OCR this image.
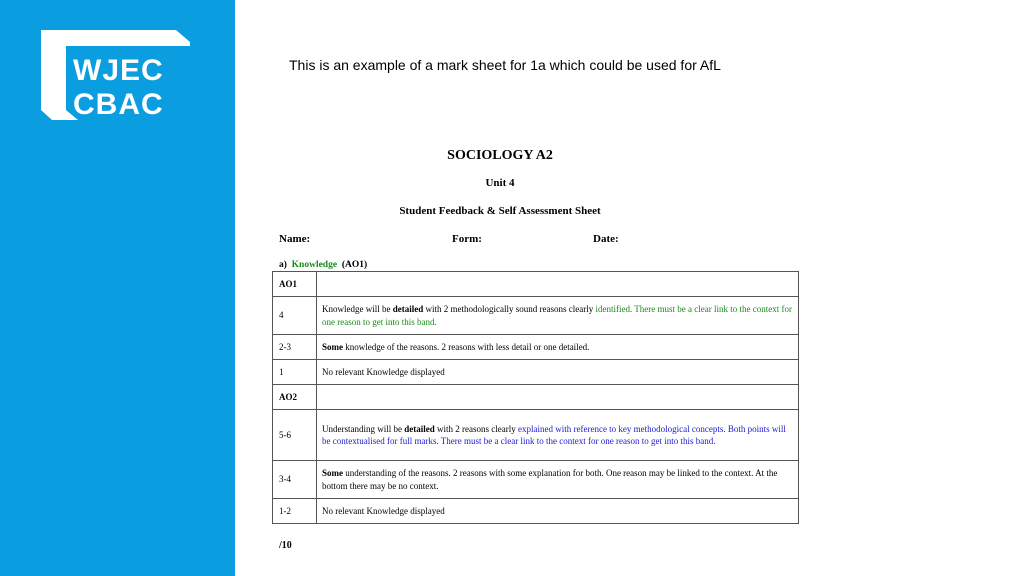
WJEC
CBAC
This is an example of a mark sheet for 1a which could be used for AfL
SOCIOLOGY A2
Unit 4
Student Feedback & Self Assessment Sheet
Name:	Form:	Date:
a) Knowledge (AO1)
AO1	
4	Knowledge will be detailed with 2 methodologically sound reasons clearly identified. There must be a clear link to the context for one reason to get into this band.
2-3	Some knowledge of the reasons. 2 reasons with less detail or one detailed.
1	No relevant Knowledge displayed
AO2	
5-6	Understanding will be detailed with 2 reasons clearly explained with reference to key methodological concepts. Both points will be contextualised for full marks. There must be a clear link to the context for one reason to get into this band.
3-4	Some understanding of the reasons. 2 reasons with some explanation for both. One reason may be linked to the context. At the bottom there may be no context.
1-2	No relevant Knowledge displayed
/10
